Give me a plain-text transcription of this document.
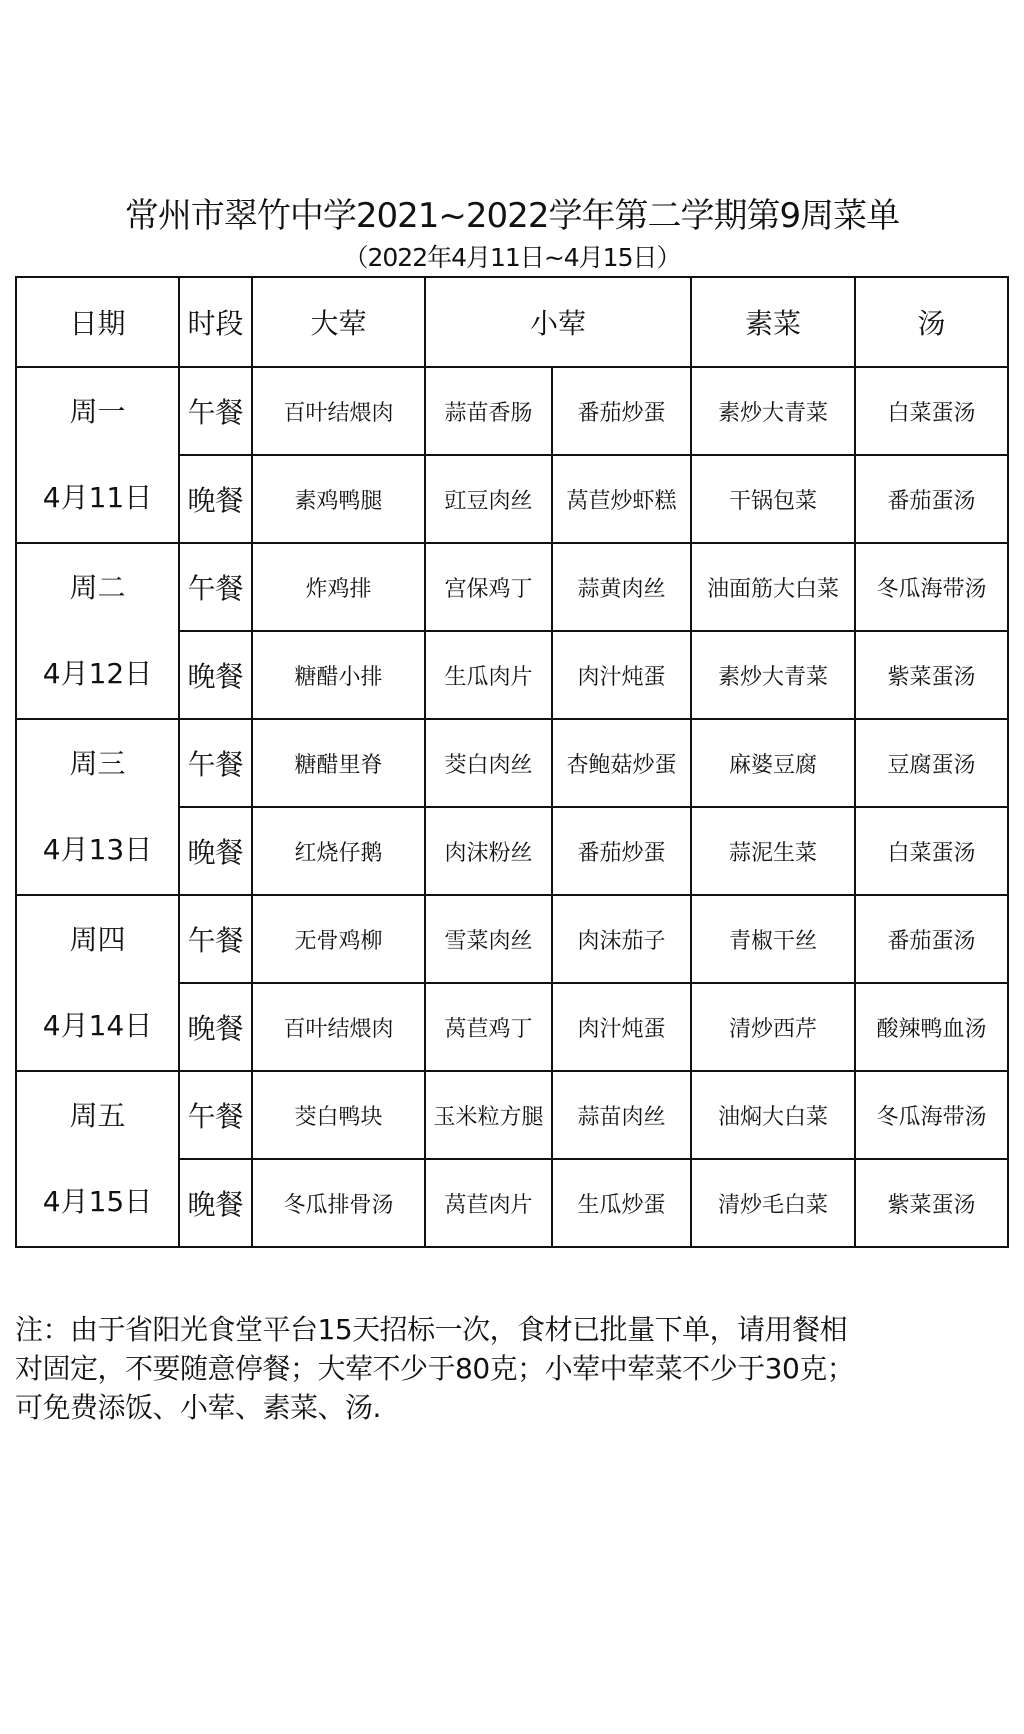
常州市翠竹中学2021~2022学年第二学期第9周菜单
（2022年4月11日~4月15日）
日期	时段	大荤	小荤		素菜	汤

周一
4月11日	午餐	百叶结煨肉	蒜苗香肠	番茄炒蛋	素炒大青菜	白菜蛋汤
	晚餐	素鸡鸭腿	豇豆肉丝	莴苣炒虾糕	干锅包菜	番茄蛋汤

周二
4月12日	午餐	炸鸡排	宫保鸡丁	蒜黄肉丝	油面筋大白菜	冬瓜海带汤
	晚餐	糖醋小排	生瓜肉片	肉汁炖蛋	素炒大青菜	紫菜蛋汤

周三
4月13日	午餐	糖醋里脊	茭白肉丝	杏鲍菇炒蛋	麻婆豆腐	豆腐蛋汤
	晚餐	红烧仔鹅	肉沫粉丝	番茄炒蛋	蒜泥生菜	白菜蛋汤

周四
4月14日	午餐	无骨鸡柳	雪菜肉丝	肉沫茄子	青椒干丝	番茄蛋汤
	晚餐	百叶结煨肉	莴苣鸡丁	肉汁炖蛋	清炒西芹	酸辣鸭血汤

周五
4月15日	午餐	茭白鸭块	玉米粒方腿	蒜苗肉丝	油焖大白菜	冬瓜海带汤
	晚餐	冬瓜排骨汤	莴苣肉片	生瓜炒蛋	清炒毛白菜	紫菜蛋汤
注：由于省阳光食堂平台15天招标一次，食材已批量下单，请用餐相
对固定，不要随意停餐；大荤不少于80克；小荤中荤菜不少于30克；
可免费添饭、小荤、素菜、汤.
